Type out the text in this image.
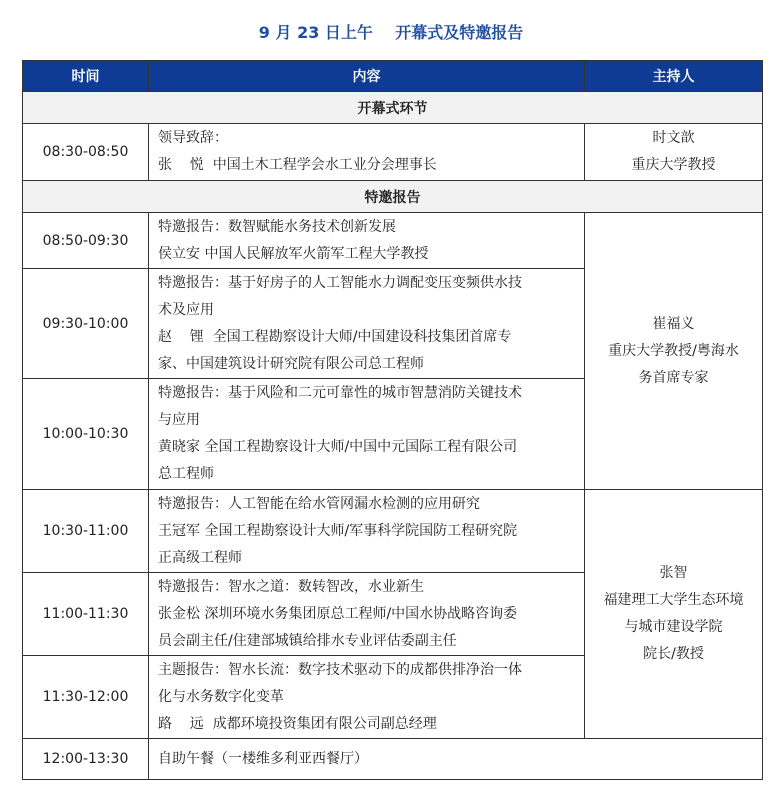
9 月 23 日上午    开幕式及特邀报告
时间	内容	主持人
开幕式环节		
08:30-08:50	领导致辞：
张    悦  中国土木工程学会水工业分会理事长	时文歆
重庆大学教授

特邀报告		
08:50-09:30	特邀报告：数智赋能水务技术创新发展
侯立安 中国人民解放军火箭军工程大学教授	崔福义
重庆大学教授/粤海水
务首席专家

09:30-10:00	特邀报告：基于好房子的人工智能水力调配变压变频供水技
术及应用
赵    锂  全国工程勘察设计大师/中国建设科技集团首席专
家、中国建筑设计研究院有限公司总工程师	

10:00-10:30	特邀报告：基于风险和二元可靠性的城市智慧消防关键技术
与应用
黄晓家 全国工程勘察设计大师/中国中元国际工程有限公司
总工程师	

10:30-11:00	特邀报告：人工智能在给水管网漏水检测的应用研究
王冠军 全国工程勘察设计大师/军事科学院国防工程研究院
正高级工程师	张智
福建理工大学生态环境
与城市建设学院
院长/教授

11:00-11:30	特邀报告：智水之道：数转智改，水业新生
张金松 深圳环境水务集团原总工程师/中国水协战略咨询委
员会副主任/住建部城镇给排水专业评估委副主任	

11:30-12:00	主题报告：智水长流：数字技术驱动下的成都供排净治一体
化与水务数字化变革
路    远  成都环境投资集团有限公司副总经理	

12:00-13:30	自助午餐（一楼维多利亚西餐厅）	
